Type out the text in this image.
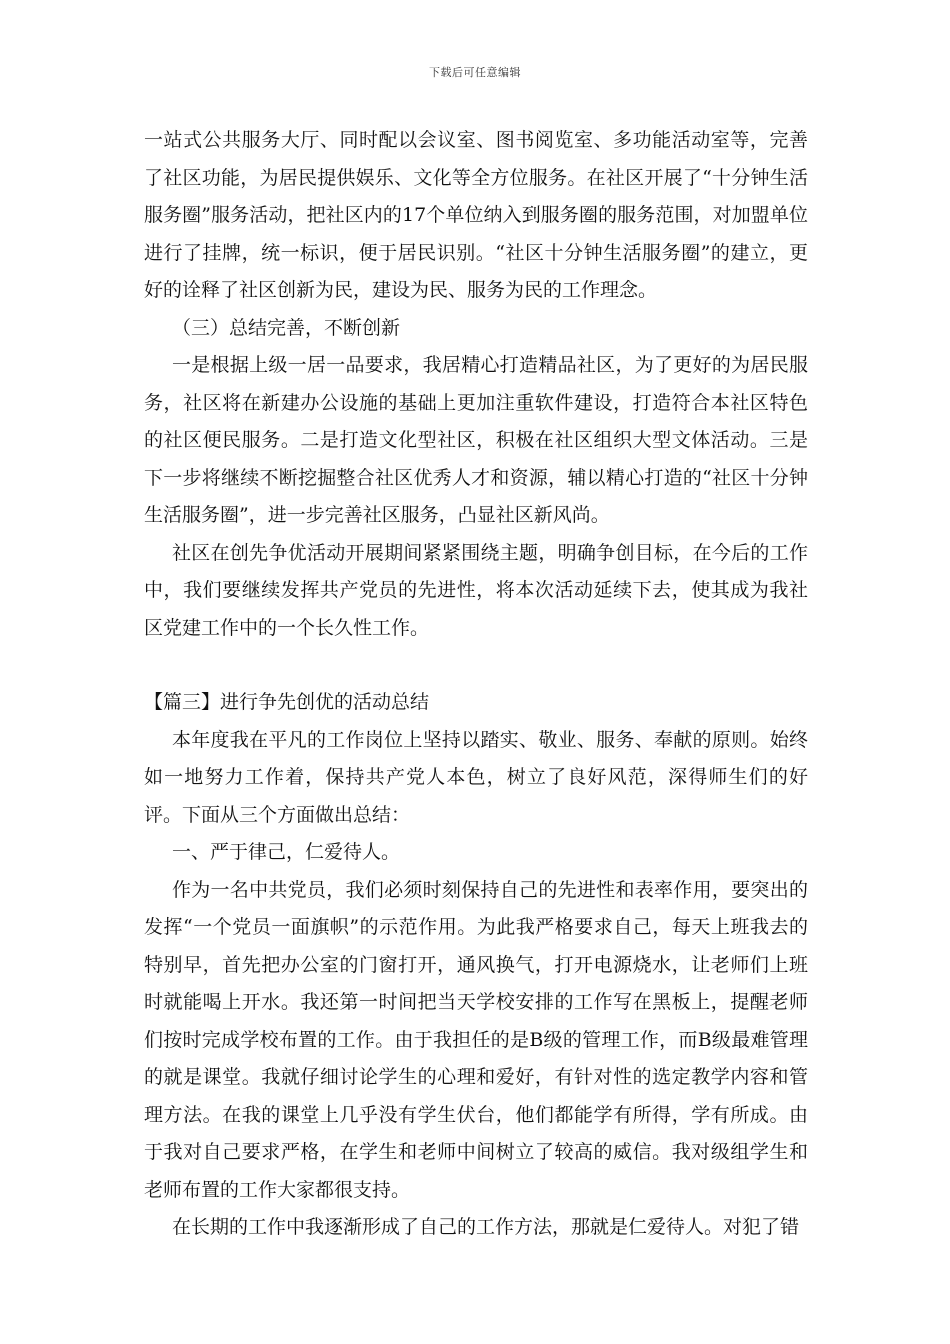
下载后可任意编辑

一站式公共服务大厅、同时配以会议室、图书阅览室、多功能活动室等，完善了社区功能，为居民提供娱乐、文化等全方位服务。在社区开展了“十分钟生活服务圈”服务活动，把社区内的17个单位纳入到服务圈的服务范围，对加盟单位进行了挂牌，统一标识，便于居民识别。“社区十分钟生活服务圈”的建立，更好的诠释了社区创新为民，建设为民、服务为民的工作理念。

（三）总结完善，不断创新

一是根据上级一居一品要求，我居精心打造精品社区，为了更好的为居民服务，社区将在新建办公设施的基础上更加注重软件建设，打造符合本社区特色的社区便民服务。二是打造文化型社区，积极在社区组织大型文体活动。三是下一步将继续不断挖掘整合社区优秀人才和资源，辅以精心打造的“社区十分钟生活服务圈”，进一步完善社区服务，凸显社区新风尚。

社区在创先争优活动开展期间紧紧围绕主题，明确争创目标，在今后的工作中，我们要继续发挥共产党员的先进性，将本次活动延续下去，使其成为我社区党建工作中的一个长久性工作。

【篇三】进行争先创优的活动总结

本年度我在平凡的工作岗位上坚持以踏实、敬业、服务、奉献的原则。始终如一地努力工作着，保持共产党人本色，树立了良好风范，深得师生们的好评。下面从三个方面做出总结：

一、严于律己，仁爱待人。

作为一名中共党员，我们必须时刻保持自己的先进性和表率作用，要突出的发挥“一个党员一面旗帜”的示范作用。为此我严格要求自己，每天上班我去的特别早，首先把办公室的门窗打开，通风换气，打开电源烧水，让老师们上班时就能喝上开水。我还第一时间把当天学校安排的工作写在黑板上，提醒老师们按时完成学校布置的工作。由于我担任的是B级的管理工作，而B级最难管理的就是课堂。我就仔细讨论学生的心理和爱好，有针对性的选定教学内容和管理方法。在我的课堂上几乎没有学生伏台，他们都能学有所得，学有所成。由于我对自己要求严格，在学生和老师中间树立了较高的威信。我对级组学生和老师布置的工作大家都很支持。

在长期的工作中我逐渐形成了自己的工作方法，那就是仁爱待人。对犯了错
